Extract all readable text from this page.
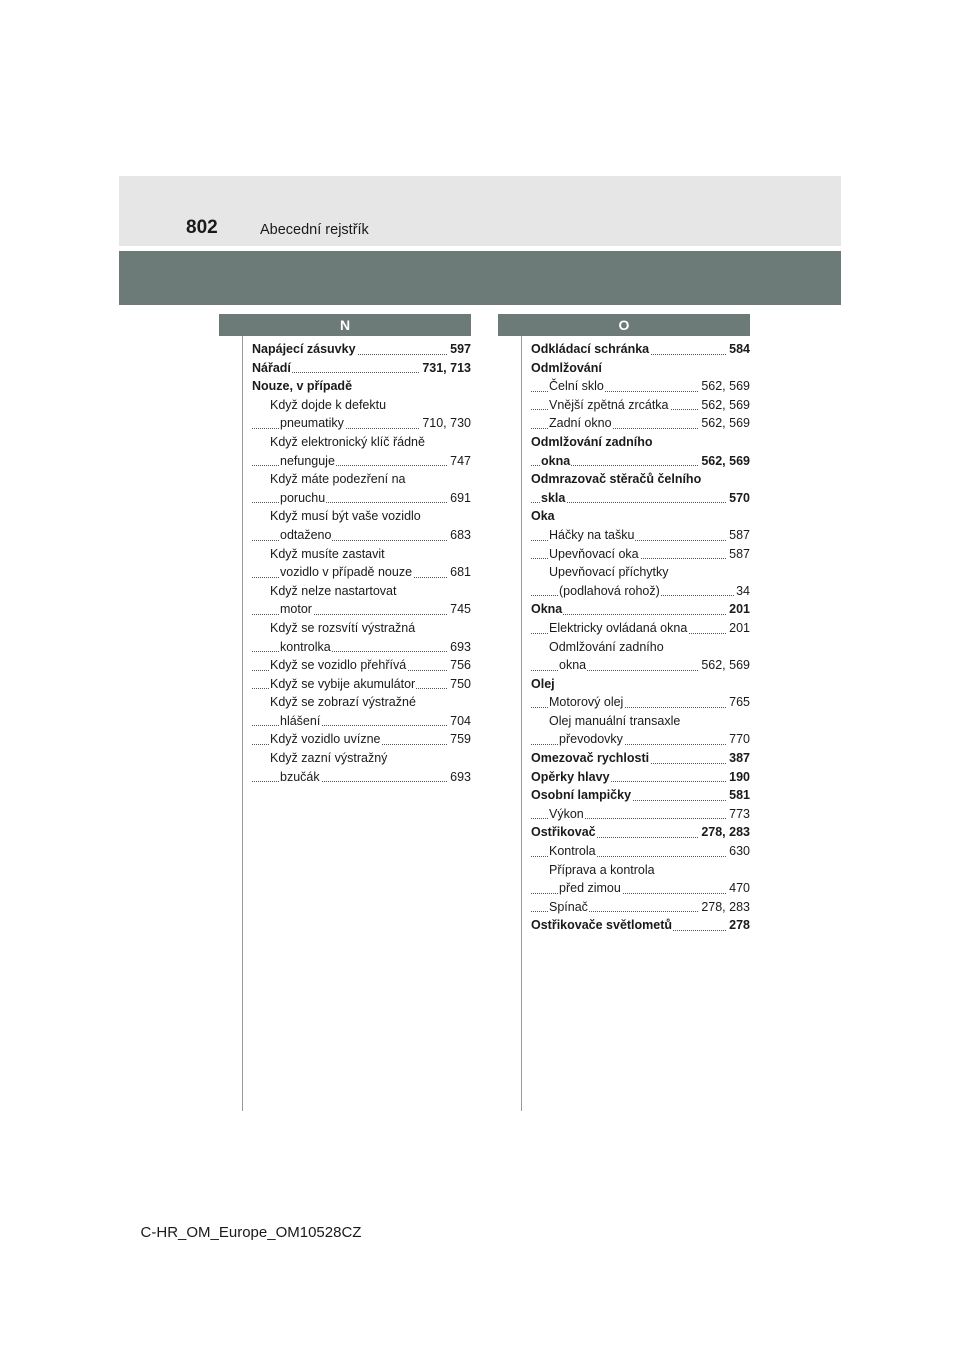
802	Abecední rejstřík
N	O
Napájecí zásuvky	597
Nářadí	731, 713
Nouze, v případě
Když dojde k defektu
pneumatiky	710, 730
Když elektronický klíč řádně
nefunguje	747
Když máte podezření na
poruchu	691
Když musí být vaše vozidlo
odtaženo	683
Když musíte zastavit
vozidlo v případě nouze	681
Když nelze nastartovat
motor	745
Když se rozsvítí výstražná
kontrolka	693
Když se vozidlo přehřívá	756
Když se vybije akumulátor	750
Když se zobrazí výstražné
hlášení	704
Když vozidlo uvízne	759
Když zazní výstražný
bzučák	693
Odkládací schránka	584
Odmlžování
Čelní sklo	562, 569
Vnější zpětná zrcátka	562, 569
Zadní okno	562, 569
Odmlžování zadního
okna	562, 569
Odmrazovač stěračů čelního
skla	570
Oka
Háčky na tašku	587
Upevňovací oka	587
Upevňovací příchytky
(podlahová rohož)	34
Okna	201
Elektricky ovládaná okna	201
Odmlžování zadního
okna	562, 569
Olej
Motorový olej	765
Olej manuální transaxle
převodovky	770
Omezovač rychlosti	387
Opěrky hlavy	190
Osobní lampičky	581
Výkon	773
Ostřikovač	278, 283
Kontrola	630
Příprava a kontrola
před zimou	470
Spínač	278, 283
Ostřikovače světlometů	278
C-HR_OM_Europe_OM10528CZ
